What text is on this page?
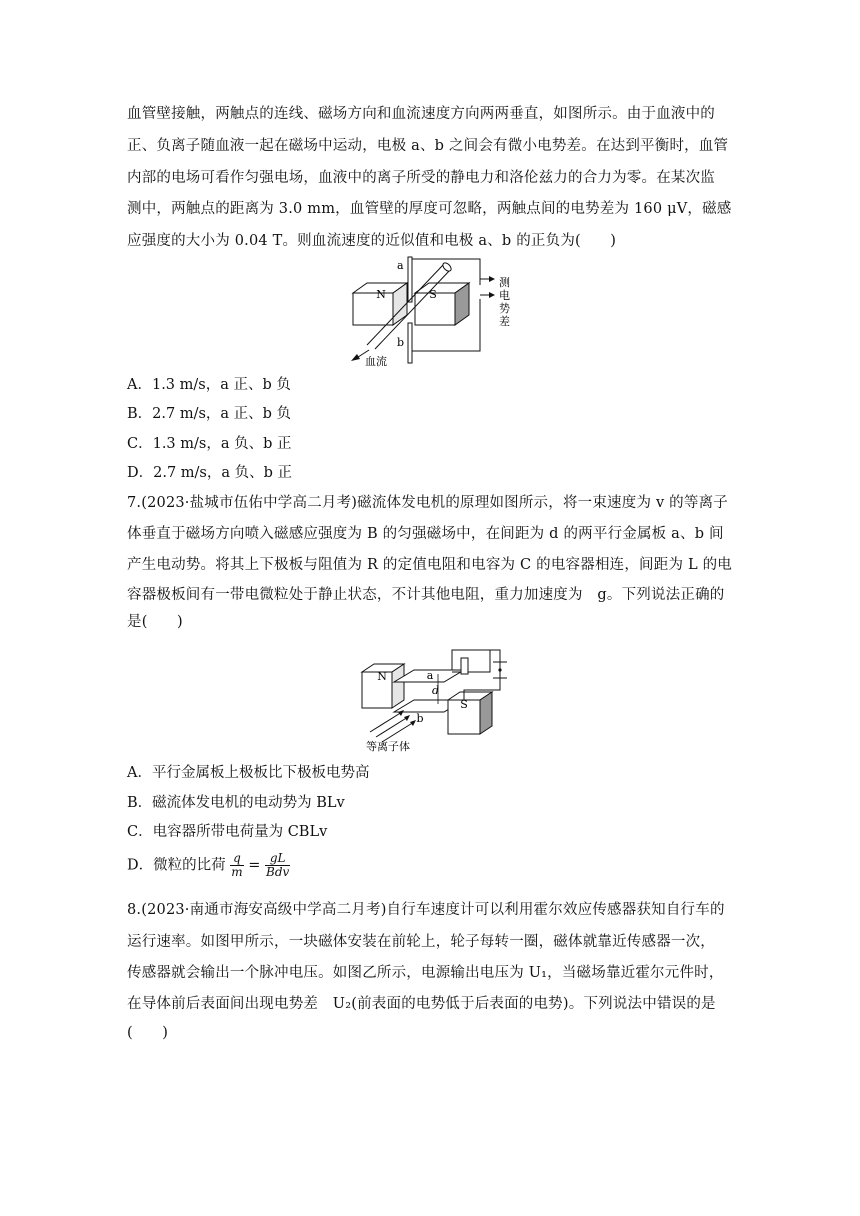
血管壁接触，两触点的连线、磁场方向和血流速度方向两两垂直，如图所示。由于血液中的
正、负离子随血液一起在磁场中运动，电极 a、b 之间会有微小电势差。在达到平衡时，血管
内部的电场可看作匀强电场，血液中的离子所受的静电力和洛伦兹力的合力为零。在某次监
测中，两触点的距离为 3.0 mm，血管壁的厚度可忽略，两触点间的电势差为 160 μV，磁感
应强度的大小为 0.04 T。则血流速度的近似值和电极 a、b 的正负为(　　)
N	S
血流
a
b
测
电
势
差
A．1.3 m/s，a 正、b 负
B．2.7 m/s，a 正、b 负
C．1.3 m/s，a 负、b 正
D．2.7 m/s，a 负、b 正
7.(2023·盐城市伍佑中学高二月考)磁流体发电机的原理如图所示，将一束速度为 v 的等离子
体垂直于磁场方向喷入磁感应强度为 B 的匀强磁场中，在间距为 d 的两平行金属板 a、b 间
产生电动势。将其上下极板与阻值为 R 的定值电阻和电容为 C 的电容器相连，间距为 L 的电
容器极板间有一带电微粒处于静止状态，不计其他电阻，重力加速度为　g。下列说法正确的
是(　　)
N	a
b
d
S
等离子体
A．平行金属板上极板比下极板电势高
B．磁流体发电机的电动势为 BLv
C．电容器所带电荷量为 CBLv
D．微粒的比荷 $\frac{q}{m}$ = gL
Bdv
8.(2023·南通市海安高级中学高二月考)自行车速度计可以利用霍尔效应传感器获知自行车的
运行速率。如图甲所示，一块磁体安装在前轮上，轮子每转一圈，磁体就靠近传感器一次，
传感器就会输出一个脉冲电压。如图乙所示，电源输出电压为 U₁，当磁场靠近霍尔元件时，
在导体前后表面间出现电势差　U₂(前表面的电势低于后表面的电势)。下列说法中错误的是
(　　)
